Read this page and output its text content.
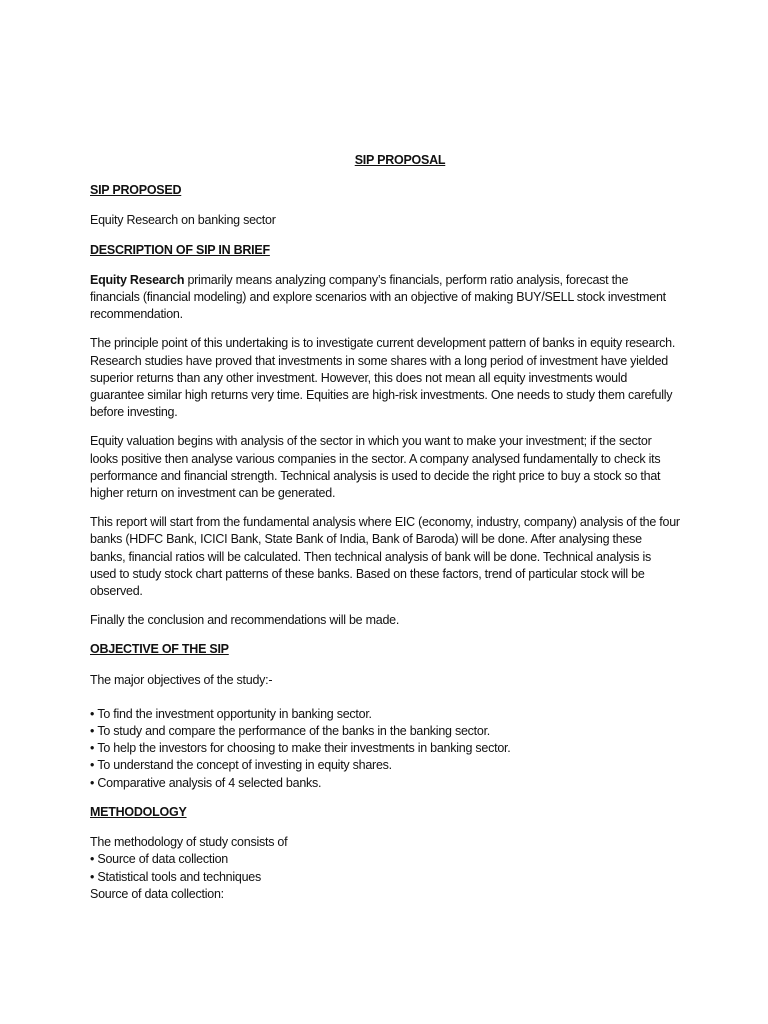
SIP PROPOSAL

SIP PROPOSED

Equity Research on banking sector

DESCRIPTION OF SIP IN BRIEF

Equity Research primarily means analyzing company’s financials, perform ratio analysis, forecast the financials (financial modeling) and explore scenarios with an objective of making BUY/SELL stock investment recommendation.

The principle point of this undertaking is to investigate current development pattern of banks in equity research. Research studies have proved that investments in some shares with a long period of investment have yielded superior returns than any other investment. However, this does not mean all equity investments would guarantee similar high returns very time. Equities are high-risk investments. One needs to study them carefully before investing.

Equity valuation begins with analysis of the sector in which you want to make your investment; if the sector looks positive then analyse various companies in the sector. A company analysed fundamentally to check its performance and financial strength. Technical analysis is used to decide the right price to buy a stock so that higher return on investment can be generated.

This report will start from the fundamental analysis where EIC (economy, industry, company) analysis of the four banks (HDFC Bank, ICICI Bank, State Bank of India, Bank of Baroda) will be done. After analysing these banks, financial ratios will be calculated. Then technical analysis of bank will be done. Technical analysis is used to study stock chart patterns of these banks. Based on these factors, trend of particular stock will be observed.

Finally the conclusion and recommendations will be made.

OBJECTIVE OF THE SIP

The major objectives of the study:-

• To find the investment opportunity in banking sector.
• To study and compare the performance of the banks in the banking sector.
• To help the investors for choosing to make their investments in banking sector.
• To understand the concept of investing in equity shares.
• Comparative analysis of 4 selected banks.

METHODOLOGY

The methodology of study consists of

• Source of data collection
• Statistical tools and techniques

Source of data collection:
